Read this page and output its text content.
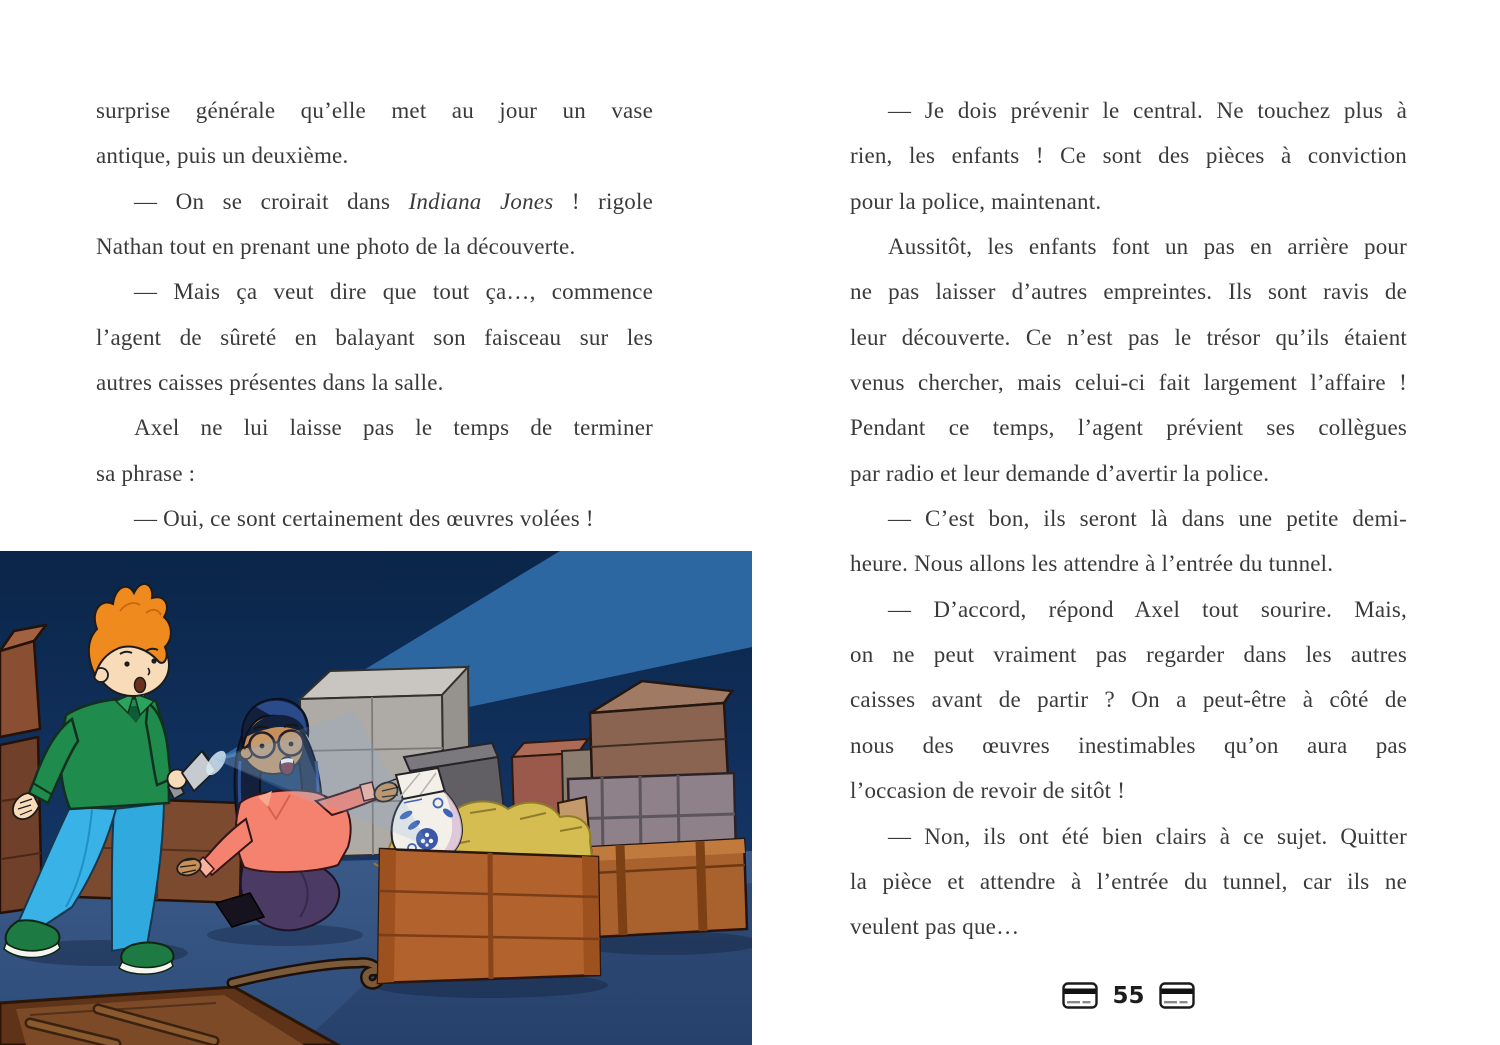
surprise générale qu’elle met au jour un vase
antique, puis un deuxième.
— On se croirait dans Indiana Jones ! rigole
Nathan tout en prenant une photo de la découverte.
— Mais ça veut dire que tout ça…, commence
l’agent de sûreté en balayant son faisceau sur les
autres caisses présentes dans la salle.
Axel ne lui laisse pas le temps de terminer
sa phrase :
— Oui, ce sont certainement des œuvres volées !
— Je dois prévenir le central. Ne touchez plus à
rien, les enfants ! Ce sont des pièces à conviction
pour la police, maintenant.
Aussitôt, les enfants font un pas en arrière pour
ne pas laisser d’autres empreintes. Ils sont ravis de
leur découverte. Ce n’est pas le trésor qu’ils étaient
venus chercher, mais celui-ci fait largement l’affaire !
Pendant ce temps, l’agent prévient ses collègues
par radio et leur demande d’avertir la police.
— C’est bon, ils seront là dans une petite demi-
heure. Nous allons les attendre à l’entrée du tunnel.
— D’accord, répond Axel tout sourire. Mais,
on ne peut vraiment pas regarder dans les autres
caisses avant de partir ? On a peut-être à côté de
nous des œuvres inestimables qu’on aura pas
l’occasion de revoir de sitôt !
— Non, ils ont été bien clairs à ce sujet. Quitter
la pièce et attendre à l’entrée du tunnel, car ils ne
veulent pas que…
55
